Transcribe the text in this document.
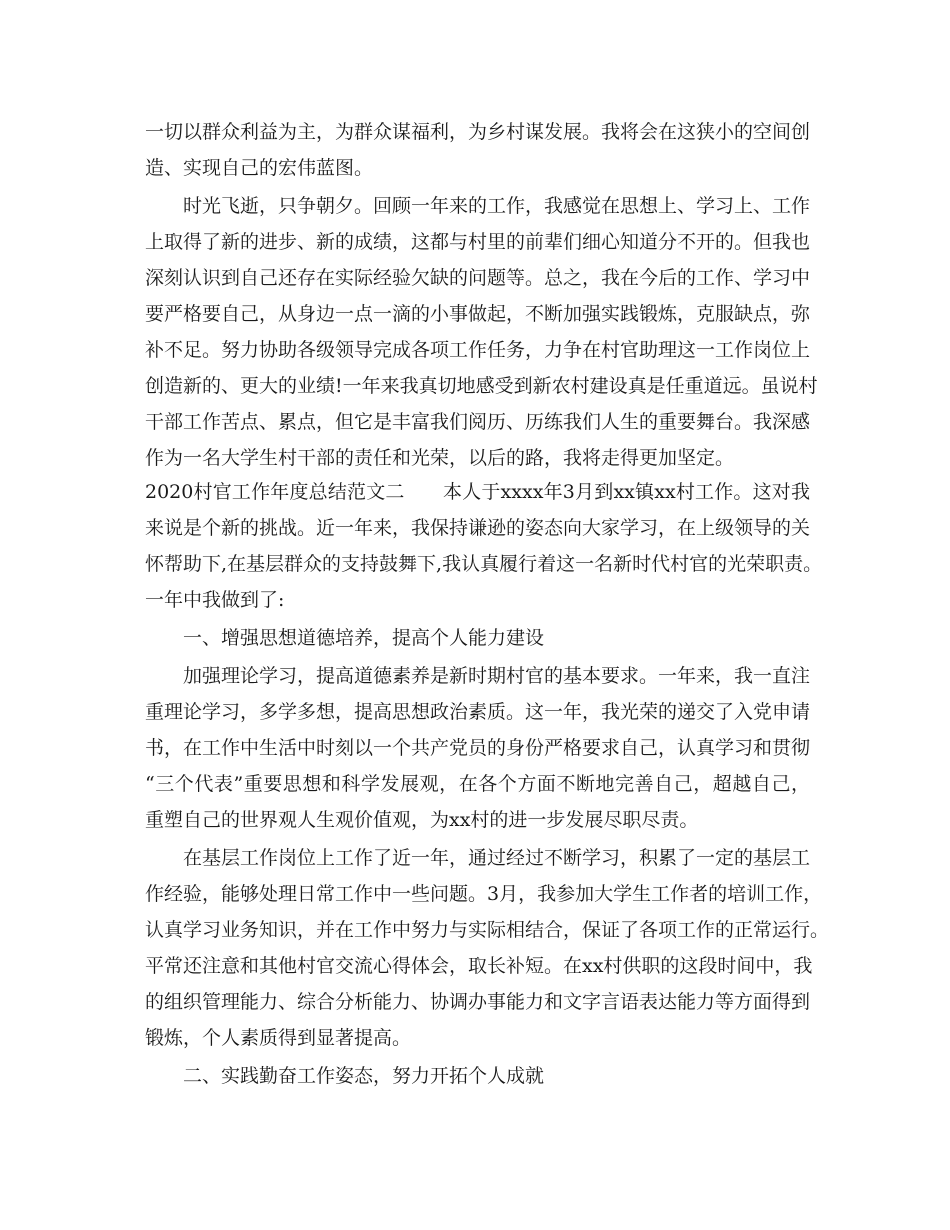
一切以群众利益为主，为群众谋福利，为乡村谋发展。我将会在这狭小的空间创
造、实现自己的宏伟蓝图。
时光飞逝，只争朝夕。回顾一年来的工作，我感觉在思想上、学习上、工作
上取得了新的进步、新的成绩，这都与村里的前辈们细心知道分不开的。但我也
深刻认识到自己还存在实际经验欠缺的问题等。总之，我在今后的工作、学习中
要严格要自己，从身边一点一滴的小事做起，不断加强实践锻炼，克服缺点，弥
补不足。努力协助各级领导完成各项工作任务，力争在村官助理这一工作岗位上
创造新的、更大的业绩!一年来我真切地感受到新农村建设真是任重道远。虽说村
干部工作苦点、累点，但它是丰富我们阅历、历练我们人生的重要舞台。我深感
作为一名大学生村干部的责任和光荣，以后的路，我将走得更加坚定。
2020村官工作年度总结范文二　　本人于xxxx年3月到xx镇xx村工作。这对我
来说是个新的挑战。近一年来，我保持谦逊的姿态向大家学习，在上级领导的关
怀帮助下,在基层群众的支持鼓舞下,我认真履行着这一名新时代村官的光荣职责。
一年中我做到了:
一、增强思想道德培养，提高个人能力建设
加强理论学习，提高道德素养是新时期村官的基本要求。一年来，我一直注
重理论学习，多学多想，提高思想政治素质。这一年，我光荣的递交了入党申请
书，在工作中生活中时刻以一个共产党员的身份严格要求自己，认真学习和贯彻
“三个代表”重要思想和科学发展观，在各个方面不断地完善自己，超越自己，
重塑自己的世界观人生观价值观，为xx村的进一步发展尽职尽责。
在基层工作岗位上工作了近一年，通过经过不断学习，积累了一定的基层工
作经验，能够处理日常工作中一些问题。3月，我参加大学生工作者的培训工作，
认真学习业务知识，并在工作中努力与实际相结合，保证了各项工作的正常运行。
平常还注意和其他村官交流心得体会，取长补短。在xx村供职的这段时间中，我
的组织管理能力、综合分析能力、协调办事能力和文字言语表达能力等方面得到
锻炼，个人素质得到显著提高。
二、实践勤奋工作姿态，努力开拓个人成就
